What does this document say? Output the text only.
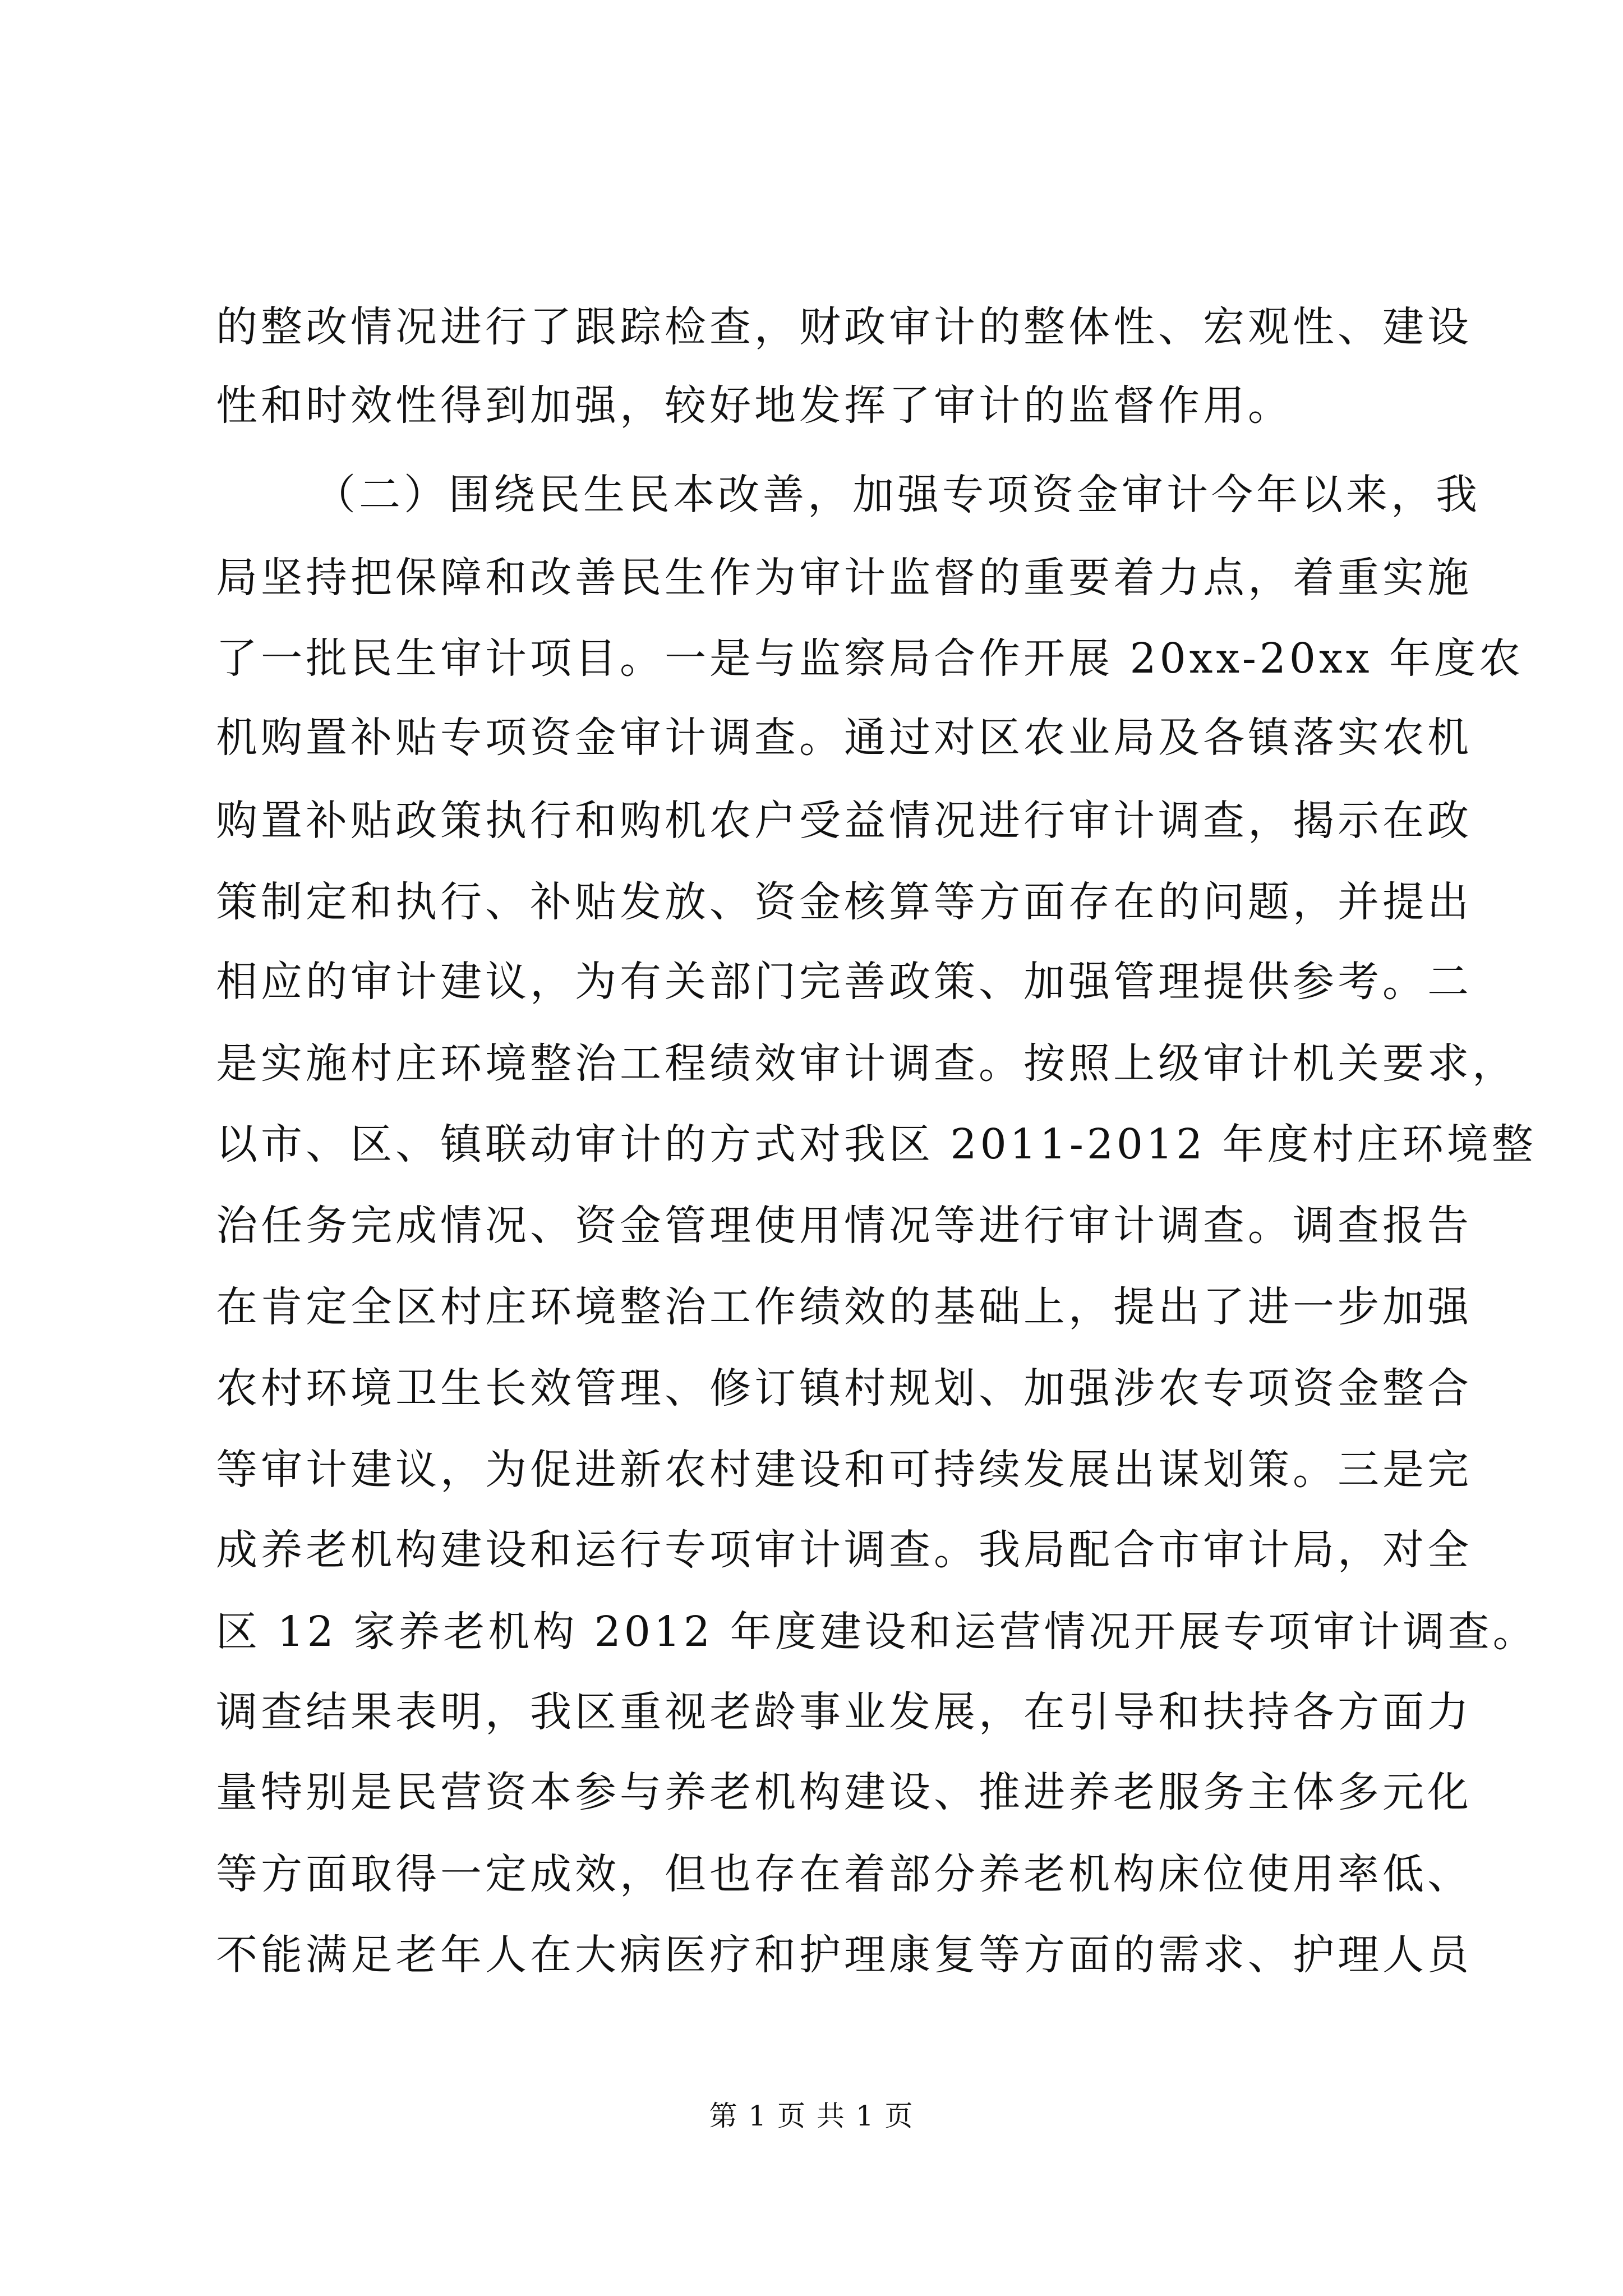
的整改情况进行了跟踪检查，财政审计的整体性、宏观性、建设
性和时效性得到加强，较好地发挥了审计的监督作用。
（二）围绕民生民本改善，加强专项资金审计今年以来，我
局坚持把保障和改善民生作为审计监督的重要着力点，着重实施
了一批民生审计项目。一是与监察局合作开展 20xx-20xx 年度农
机购置补贴专项资金审计调查。通过对区农业局及各镇落实农机
购置补贴政策执行和购机农户受益情况进行审计调查，揭示在政
策制定和执行、补贴发放、资金核算等方面存在的问题，并提出
相应的审计建议，为有关部门完善政策、加强管理提供参考。二
是实施村庄环境整治工程绩效审计调查。按照上级审计机关要求，
以市、区、镇联动审计的方式对我区 2011-2012 年度村庄环境整
治任务完成情况、资金管理使用情况等进行审计调查。调查报告
在肯定全区村庄环境整治工作绩效的基础上，提出了进一步加强
农村环境卫生长效管理、修订镇村规划、加强涉农专项资金整合
等审计建议，为促进新农村建设和可持续发展出谋划策。三是完
成养老机构建设和运行专项审计调查。我局配合市审计局，对全
区 12 家养老机构 2012 年度建设和运营情况开展专项审计调查。
调查结果表明，我区重视老龄事业发展，在引导和扶持各方面力
量特别是民营资本参与养老机构建设、推进养老服务主体多元化
等方面取得一定成效，但也存在着部分养老机构床位使用率低、
不能满足老年人在大病医疗和护理康复等方面的需求、护理人员
第 1 页 共 1 页
